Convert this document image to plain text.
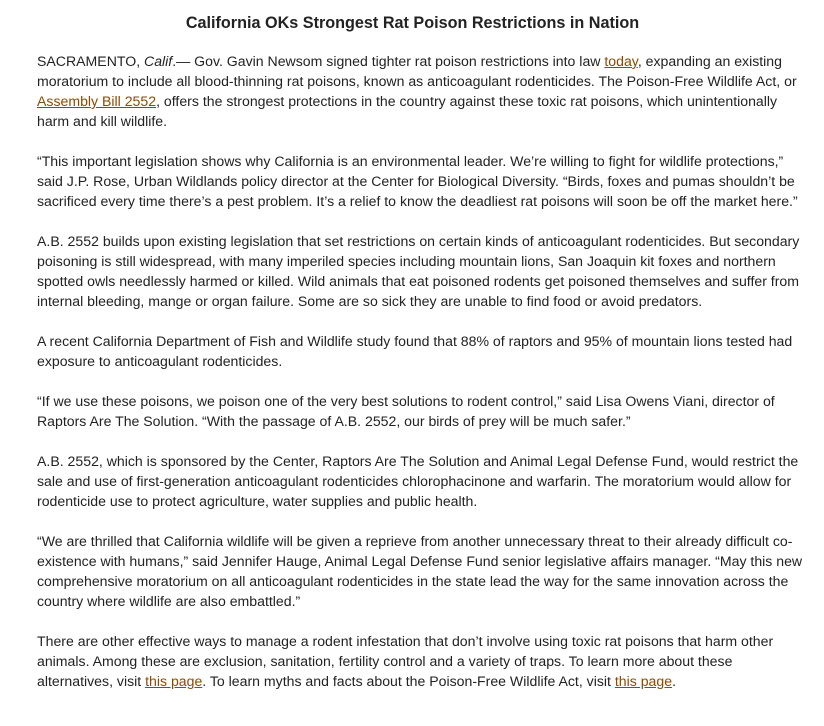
California OKs Strongest Rat Poison Restrictions in Nation

SACRAMENTO, Calif.— Gov. Gavin Newsom signed tighter rat poison restrictions into law today, expanding an existing moratorium to include all blood-thinning rat poisons, known as anticoagulant rodenticides. The Poison-Free Wildlife Act, or Assembly Bill 2552, offers the strongest protections in the country against these toxic rat poisons, which unintentionally harm and kill wildlife.

“This important legislation shows why California is an environmental leader. We’re willing to fight for wildlife protections,” said J.P. Rose, Urban Wildlands policy director at the Center for Biological Diversity. “Birds, foxes and pumas shouldn’t be sacrificed every time there’s a pest problem. It’s a relief to know the deadliest rat poisons will soon be off the market here.”

A.B. 2552 builds upon existing legislation that set restrictions on certain kinds of anticoagulant rodenticides. But secondary poisoning is still widespread, with many imperiled species including mountain lions, San Joaquin kit foxes and northern spotted owls needlessly harmed or killed. Wild animals that eat poisoned rodents get poisoned themselves and suffer from internal bleeding, mange or organ failure. Some are so sick they are unable to find food or avoid predators.

A recent California Department of Fish and Wildlife study found that 88% of raptors and 95% of mountain lions tested had exposure to anticoagulant rodenticides.

“If we use these poisons, we poison one of the very best solutions to rodent control,” said Lisa Owens Viani, director of Raptors Are The Solution. “With the passage of A.B. 2552, our birds of prey will be much safer.”

A.B. 2552, which is sponsored by the Center, Raptors Are The Solution and Animal Legal Defense Fund, would restrict the sale and use of first-generation anticoagulant rodenticides chlorophacinone and warfarin. The moratorium would allow for rodenticide use to protect agriculture, water supplies and public health.

“We are thrilled that California wildlife will be given a reprieve from another unnecessary threat to their already difficult co-existence with humans,” said Jennifer Hauge, Animal Legal Defense Fund senior legislative affairs manager. “May this new comprehensive moratorium on all anticoagulant rodenticides in the state lead the way for the same innovation across the country where wildlife are also embattled.”

There are other effective ways to manage a rodent infestation that don’t involve using toxic rat poisons that harm other animals. Among these are exclusion, sanitation, fertility control and a variety of traps. To learn more about these alternatives, visit this page. To learn myths and facts about the Poison-Free Wildlife Act, visit this page.
